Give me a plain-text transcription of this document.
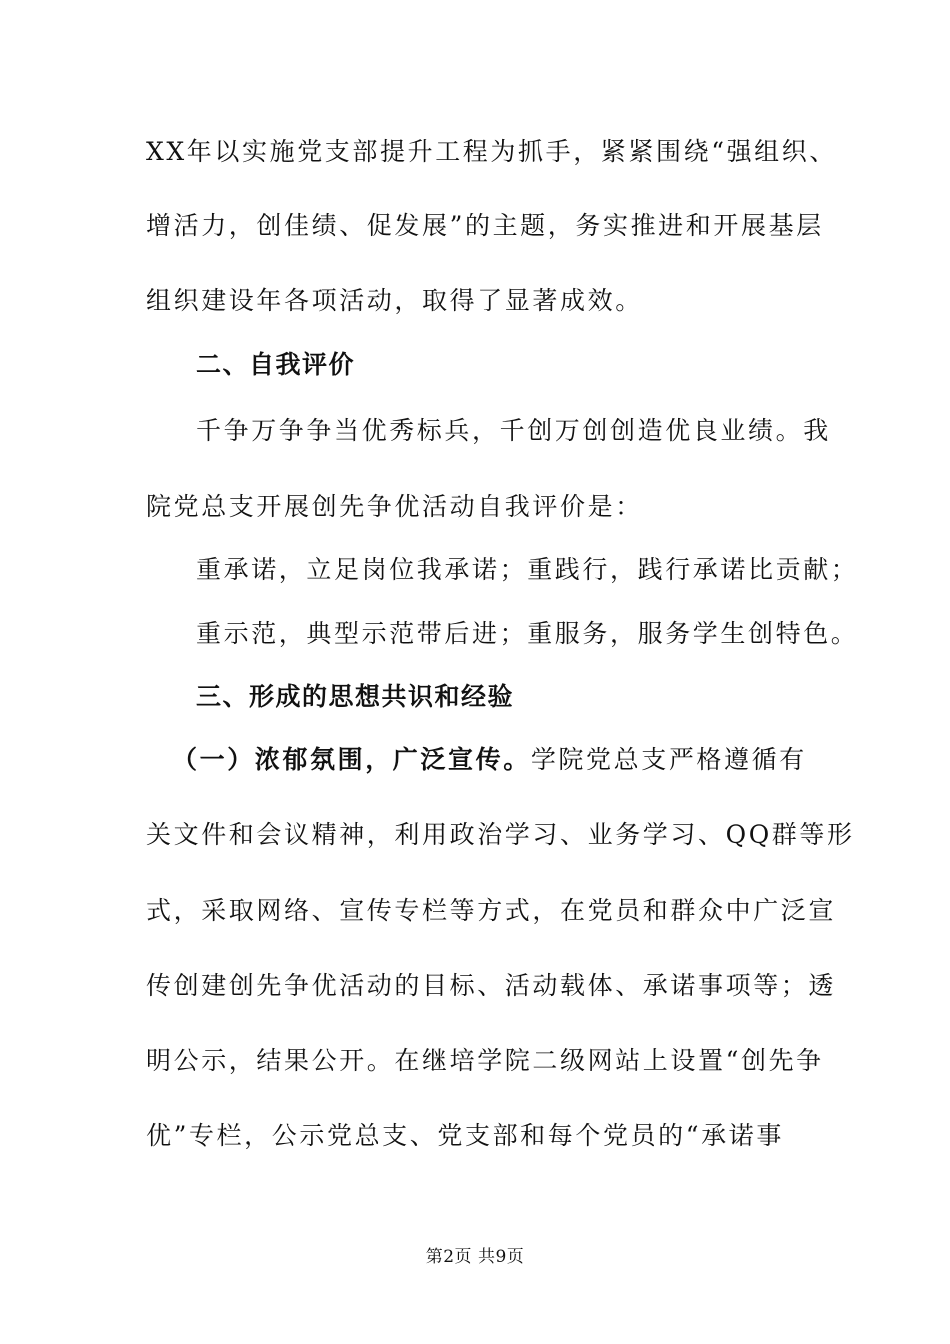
XX年以实施党支部提升工程为抓手，紧紧围绕“强组织、
增活力，创佳绩、促发展”的主题，务实推进和开展基层
组织建设年各项活动，取得了显著成效。
二、自我评价
千争万争争当优秀标兵，千创万创创造优良业绩。我
院党总支开展创先争优活动自我评价是：
重承诺，立足岗位我承诺；重践行，践行承诺比贡献；
重示范，典型示范带后进；重服务，服务学生创特色。
三、形成的思想共识和经验
（一）浓郁氛围，广泛宣传。学院党总支严格遵循有
关文件和会议精神，利用政治学习、业务学习、QQ群等形
式，采取网络、宣传专栏等方式，在党员和群众中广泛宣
传创建创先争优活动的目标、活动载体、承诺事项等；透
明公示，结果公开。在继培学院二级网站上设置“创先争
优”专栏，公示党总支、党支部和每个党员的“承诺事
第2页 共9页
